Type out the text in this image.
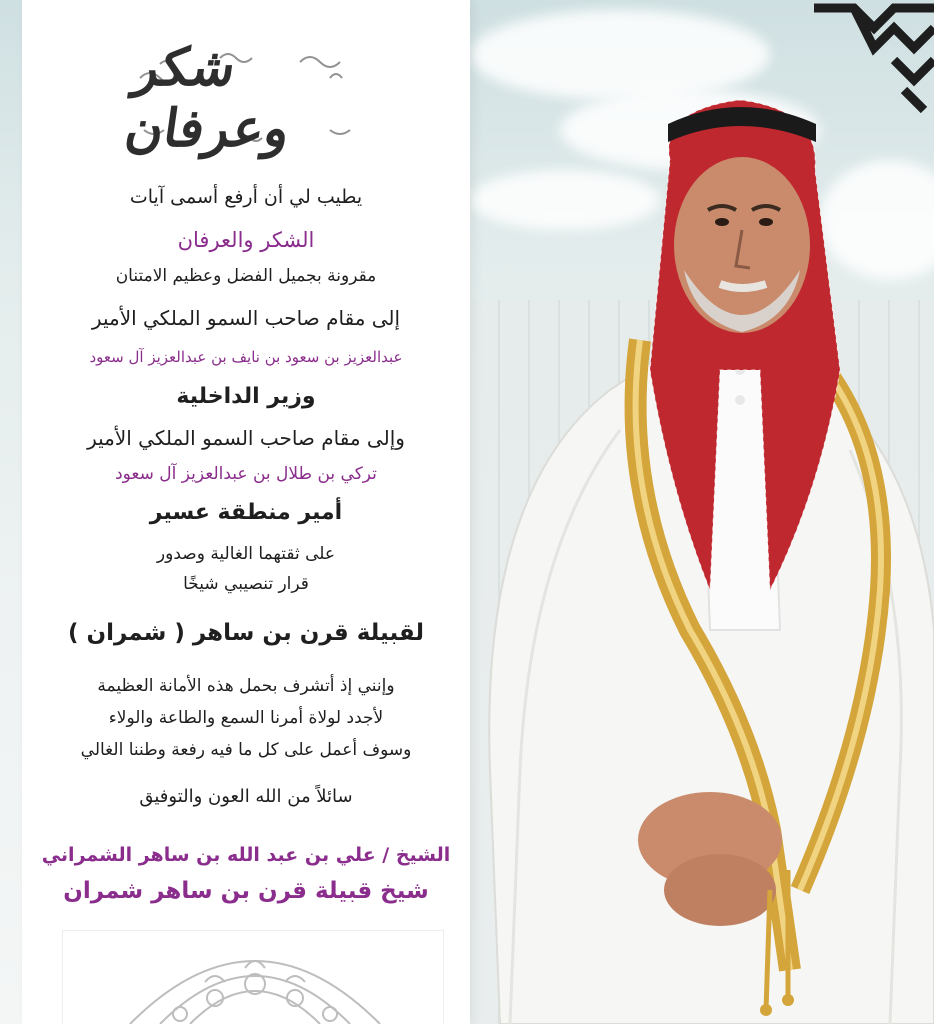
شكر وعرفان
يطيب لي أن أرفع أسمى آيات
الشكر والعرفان
مقرونة بجميل الفضل وعظيم الامتنان
إلى مقام صاحب السمو الملكي الأمير
عبدالعزيز بن سعود بن نايف بن عبدالعزيز آل سعود
وزير الداخلية
وإلى مقام صاحب السمو الملكي الأمير
تركي بن طلال بن عبدالعزيز آل سعود
أمير منطقة عسير
على ثقتهما الغالية وصدور
قرار تنصيبي شيخًا
لقبيلة قرن بن ساهر ( شمران )
وإنني إذ أتشرف بحمل هذه الأمانة العظيمة
لأجدد لولاة أمرنا السمع والطاعة والولاء
وسوف أعمل على كل ما فيه رفعة وطننا الغالي
سائلاً من الله العون والتوفيق
الشيخ / علي بن عبد الله بن ساهر الشمراني
شيخ قبيلة قرن بن ساهر شمران
